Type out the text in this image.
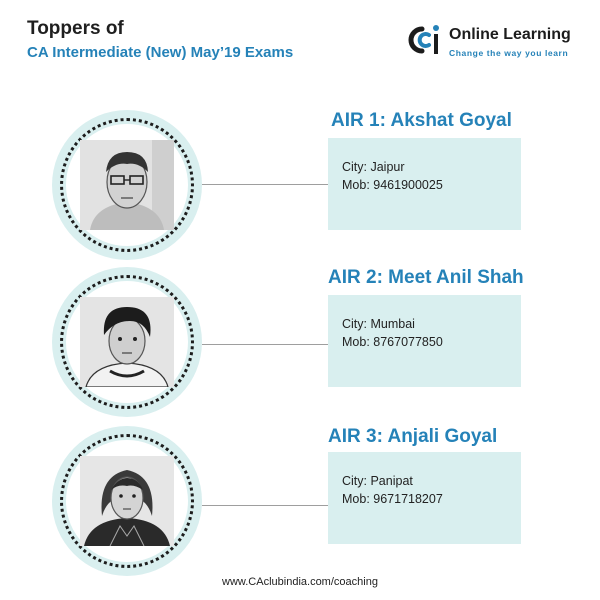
Toppers of
CA Intermediate (New) May’19 Exams
Online Learning
Change the way you learn
AIR 1: Akshat Goyal
City: Jaipur
Mob: 9461900025
AIR 2: Meet Anil Shah
City: Mumbai
Mob: 8767077850
AIR 3: Anjali Goyal
City: Panipat
Mob: 9671718207
www.CAclubindia.com/coaching
